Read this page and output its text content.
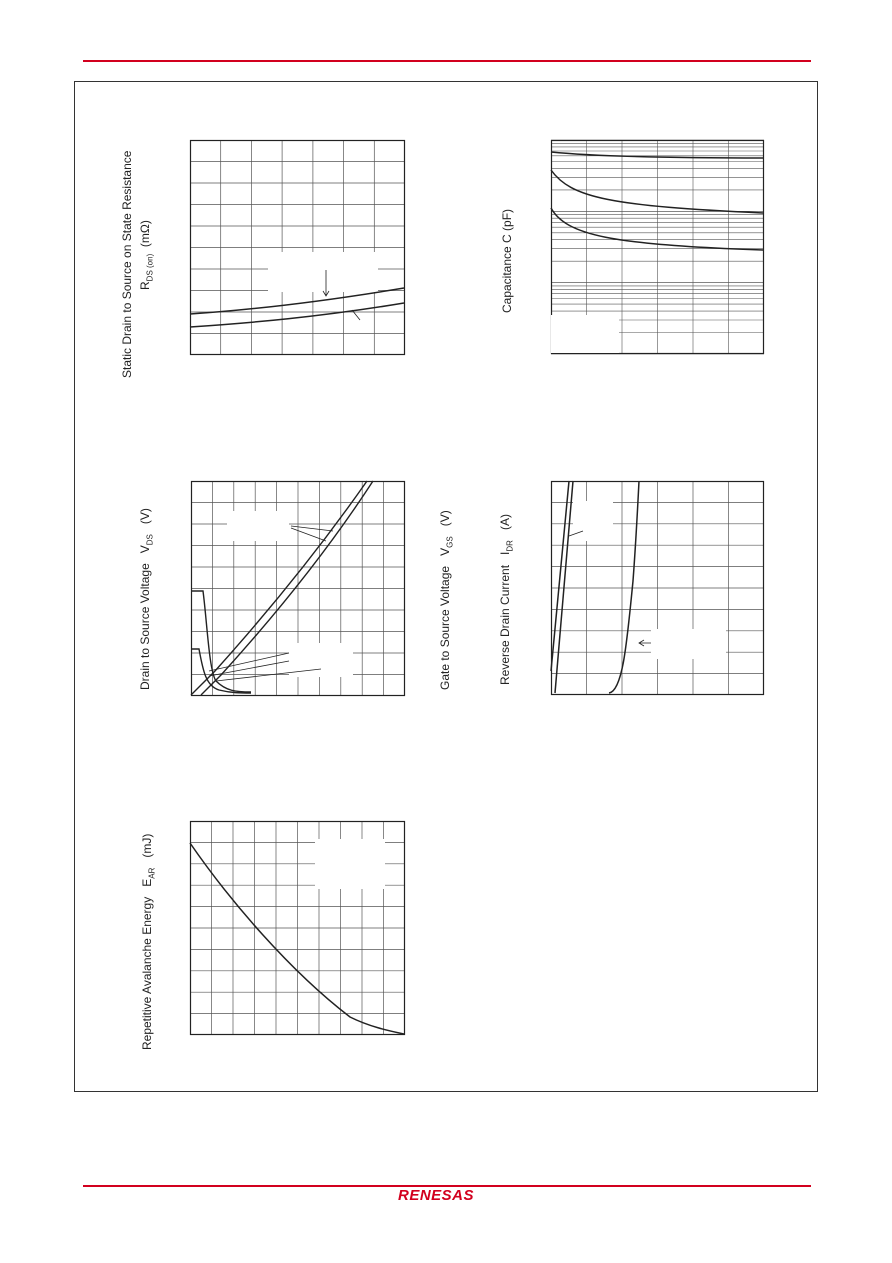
Static Drain to Source on State Resistance $R_{DS (on)}$  (mΩ)	Capacitance C (pF)
Drain to Source Voltage   $V_{DS}$   (V)
Gate to Source Voltage   $V_{GS}$   (V)
Reverse Drain Current   $I_{DR}$   (A)
Repetitive Avalanche Energy   $E_{AR}$   (mJ)
RENESAS
